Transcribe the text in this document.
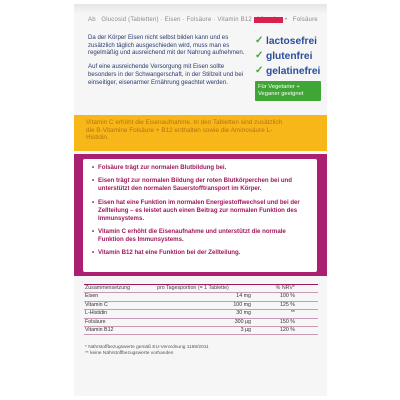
Ab   Glucosid (Tabletten) · Eisen · Folsäure · Vitamin B12 Vitamin •   Folsäure

Da der Körper Eisen nicht selbst bilden kann und es zusätzlich täglich ausgeschieden wird, muss man es regelmäßig und ausreichend mit der Nahrung aufnehmen.

Auf eine ausreichende Versorgung mit Eisen sollte besonders in der Schwangerschaft, in der Stillzeit und bei einseitiger, eisenarmer Ernährung geachtet werden.

✓ lactosefrei
✓ glutenfrei
✓ gelatinefrei
Für Vegetarier + Veganer geeignet
Vitamin C erhöht die Eisenaufnahme. In den Tabletten sind zusätzlich die B-Vitamine Folsäure + B12 enthalten sowie die Aminosäure L-Histidin.
• Folsäure trägt zur normalen Blutbildung bei.
• Eisen trägt zur normalen Bildung der roten Blutkörperchen bei und unterstützt den normalen Sauerstofftransport im Körper.
• Eisen hat eine Funktion im normalen Energiestoffwechsel und bei der Zellteilung – es leistet auch einen Beitrag zur normalen Funktion des Immunsystems.
• Vitamin C erhöht die Eisenaufnahme und unterstützt die normale Funktion des Immunsystems.
• Vitamin B12 hat eine Funktion bei der Zellteilung.
Zusammensetzung	pro Tagesportion (= 1 Tablette)	% NRV*
Eisen	14 mg	100 %
Vitamin C	100 mg	125 %
L-Histidin	30 mg	**
Folsäure	300 µg	150 %
Vitamin B12	3 µg	120 %

* Nährstoffbezugswerte gemäß EU-Verordnung 1169/2011

** keine Nährstoffbezugswerte vorhanden
